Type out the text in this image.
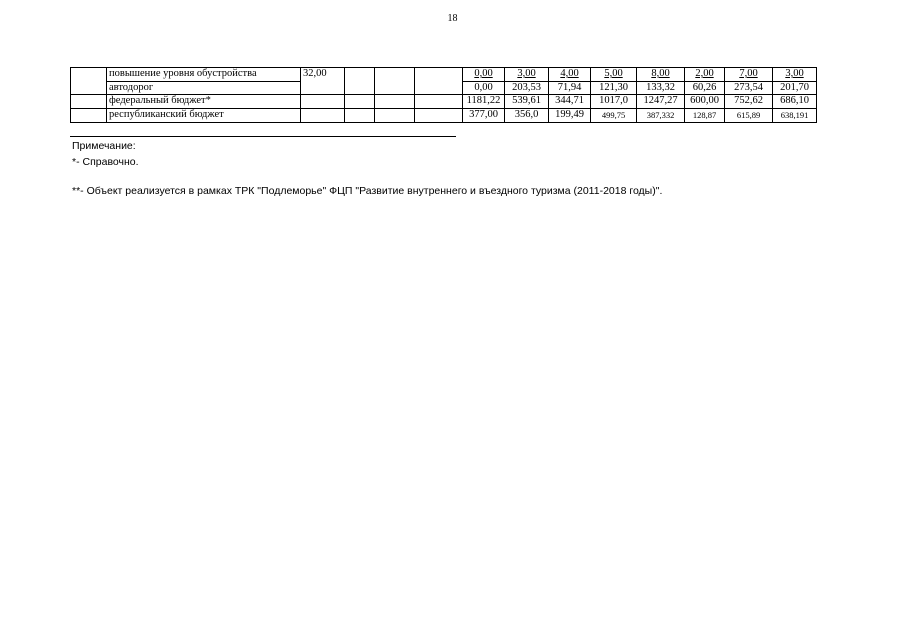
18
	повышение уровня обустройства	32,00				0,00	3,00	4,00	5,00	8,00	2,00	7,00	3,00
	автодорог					0,00	203,53	71,94	121,30	133,32	60,26	273,54	201,70
	федеральный бюджет*					1181,22	539,61	344,71	1017,0	1247,27	600,00	752,62	686,10
	республиканский бюджет					377,00	356,0	199,49	499,75	387,332	128,87	615,89	638,191
Примечание:
*- Справочно.
**- Объект реализуется в рамках ТРК "Подлеморье" ФЦП "Развитие внутреннего и въездного туризма (2011-2018 годы)".
